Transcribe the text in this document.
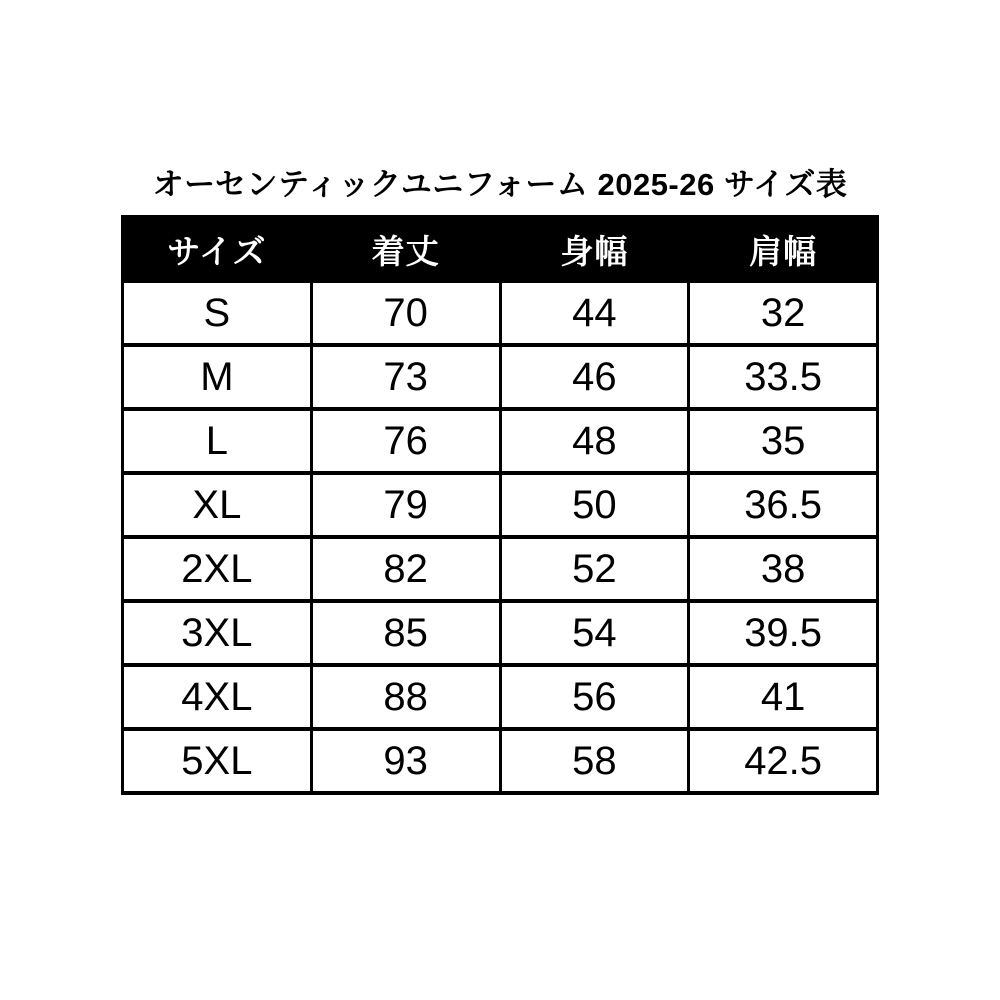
オーセンティックユニフォーム 2025-26 サイズ表
サイズ	着丈	身幅	肩幅
S	70	44	32
M	73	46	33.5
L	76	48	35
XL	79	50	36.5
2XL	82	52	38
3XL	85	54	39.5
4XL	88	56	41
5XL	93	58	42.5
